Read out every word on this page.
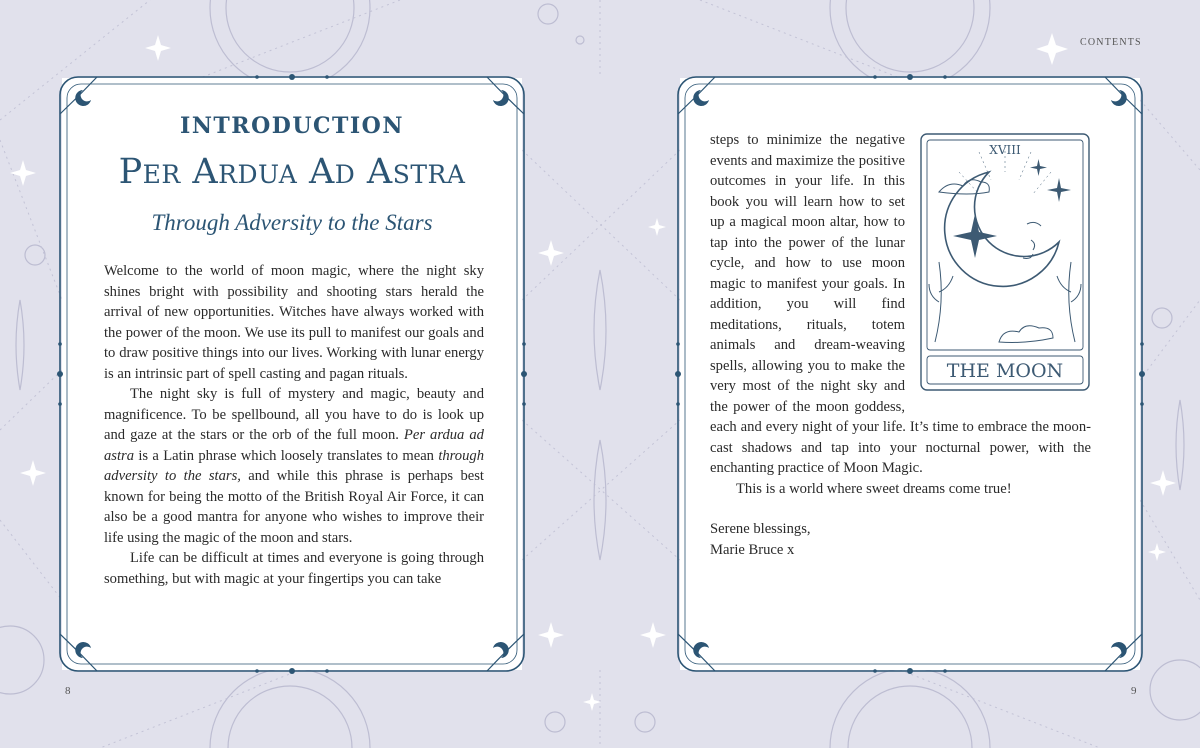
CONTENTS
8	9
INTRODUCTION
Per Ardua Ad Astra
Through Adversity to the Stars

Welcome to the world of moon magic, where the night sky shines bright with possibility and shooting stars herald the arrival of new opportunities. Witches have always worked with the power of the moon. We use its pull to manifest our goals and to draw positive things into our lives. Working with lunar energy is an intrinsic part of spell casting and pagan rituals.

The night sky is full of mystery and magic, beauty and magnificence. To be spellbound, all you have to do is look up and gaze at the stars or the orb of the full moon. Per ardua ad astra is a Latin phrase which loosely translates to mean through adversity to the stars, and while this phrase is perhaps best known for being the motto of the British Royal Air Force, it can also be a good mantra for anyone who wishes to improve their life using the magic of the moon and stars.

Life can be difficult at times and everyone is going through something, but with magic at your fingertips you can take

XVIII
THE MOON

steps to minimize the negative events and maximize the positive outcomes in your life. In this book you will learn how to set up a magical moon altar, how to tap into the power of the lunar cycle, and how to use moon magic to manifest your goals. In addition, you will find meditations, rituals, totem animals and dream-weaving spells, allowing you to make the very most of the night sky and the power of the moon goddess, each and every night of your life. It’s time to embrace the moon-cast shadows and tap into your nocturnal power, with the enchanting practice of Moon Magic.

This is a world where sweet dreams come true!

Serene blessings,

Marie Bruce x
